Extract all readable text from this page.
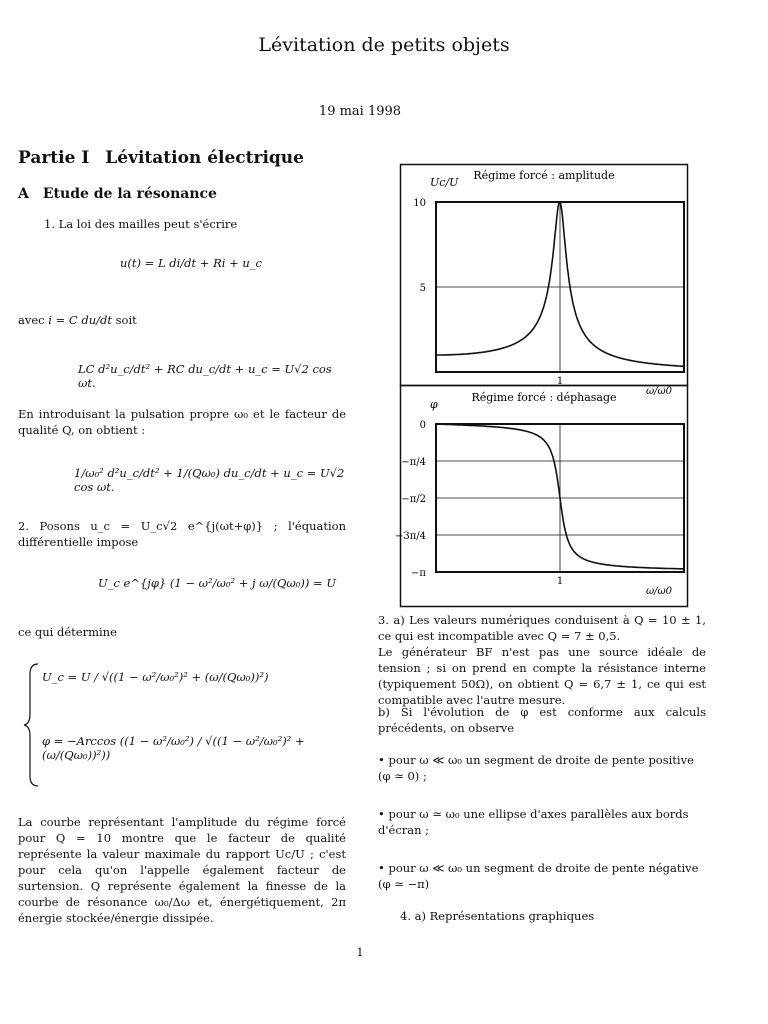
Lévitation de petits objets
19 mai 1998
Partie I Lévitation électrique
A Etude de la résonance
1. La loi des mailles peut s'écrire
u(t) = L di/dt + Ri + u_c
avec i = C du/dt soit
LC d²u_c/dt² + RC du_c/dt + u_c = U√2 cos ωt.
En introduisant la pulsation propre ω₀ et le facteur de qualité Q, on obtient :
1/ω₀² d²u_c/dt² + 1/(Qω₀) du_c/dt + u_c = U√2 cos ωt.
2. Posons u_c = U_c√2 e^{j(ωt+φ)} ; l'équation différentielle impose
U_c e^{jφ} (1 − ω²/ω₀² + j ω/(Qω₀)) = U
ce qui détermine
U_c = U / √((1 − ω²/ω₀²)² + (ω/(Qω₀))²)
φ = −Arccos ((1 − ω²/ω₀²) / √((1 − ω²/ω₀²)² + (ω/(Qω₀))²))
La courbe représentant l'amplitude du régime forcé pour Q = 10 montre que le facteur de qualité représente la valeur maximale du rapport Uc/U ; c'est pour cela qu'on l'appelle également facteur de surtension. Q représente également la finesse de la courbe de résonance ω₀/Δω et, énergétiquement, 2π énergie stockée/énergie dissipée.
Régime forcé : amplitude
Uc/U
ω/ω0
10
5
1
Régime forcé : déphasage
φ
ω/ω0
0
−π/4
−π/2
−3π/4
−π
1
3. a) Les valeurs numériques conduisent à Q = 10 ± 1, ce qui est incompatible avec Q = 7 ± 0,5.
Le générateur BF n'est pas une source idéale de tension ; si on prend en compte la résistance interne (typiquement 50Ω), on obtient Q = 6,7 ± 1, ce qui est compatible avec l'autre mesure.
b) Si l'évolution de φ est conforme aux calculs précédents, on observe
• pour ω ≪ ω₀ un segment de droite de pente positive (φ ≃ 0) ;
• pour ω ≃ ω₀ une ellipse d'axes parallèles aux bords d'écran ;
• pour ω ≪ ω₀ un segment de droite de pente négative (φ ≃ −π)
4. a) Représentations graphiques
1
